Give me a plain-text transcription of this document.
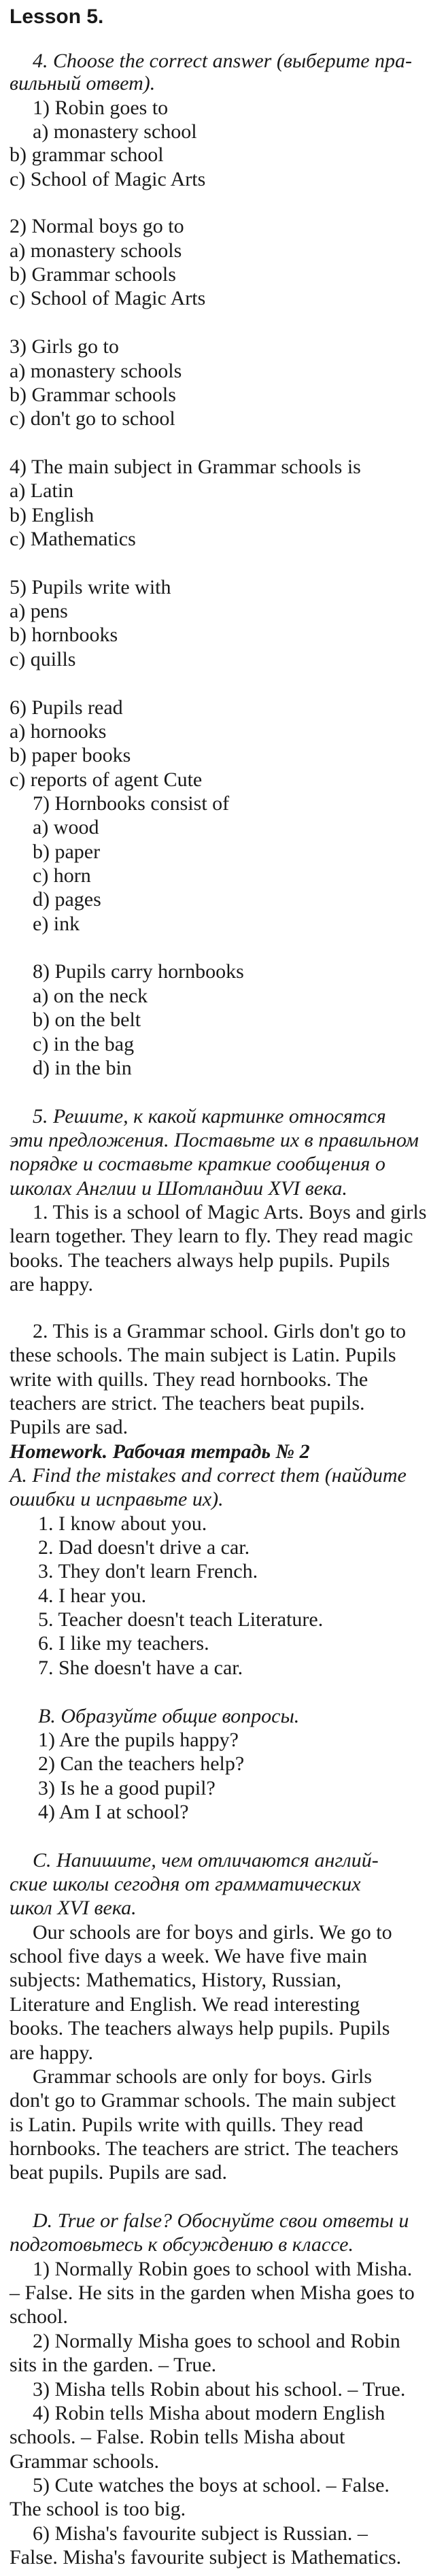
Lesson 5.
4. Choose the correct answer (выберите пра-
вильный ответ).
1) Robin goes to
a) monastery school
b) grammar school
c) School of Magic Arts
2) Normal boys go to
a) monastery schools
b) Grammar schools
c) School of Magic Arts
3) Girls go to
a) monastery schools
b) Grammar schools
c) don't go to school
4) The main subject in Grammar schools is
a) Latin
b) English
c) Mathematics
5) Pupils write with
a) pens
b) hornbooks
c) quills
6) Pupils read
a) hornooks
b) paper books
c) reports of agent Cute
7) Hornbooks consist of
a) wood
b) paper
c) horn
d) pages
e) ink
8) Pupils carry hornbooks
a) on the neck
b) on the belt
c) in the bag
d) in the bin
5. Решите, к какой картинке относятся
эти предложения. Поставьте их в правильном
порядке и составьте краткие сообщения о
школах Англии и Шотландии XVI века.
1. This is a school of Magic Arts. Boys and girls
learn together. They learn to fly. They read magic
books. The teachers always help pupils. Pupils
are happy.
2. This is a Grammar school. Girls don't go to
these schools. The main subject is Latin. Pupils
write with quills. They read hornbooks. The
teachers are strict. The teachers beat pupils.
Pupils are sad.
Homework. Рабочая тетрадь № 2
A. Find the mistakes and correct them (найдите
ошибки и исправьте их).
1. I know about you.
2. Dad doesn't drive a car.
3. They don't learn French.
4. I hear you.
5. Teacher doesn't teach Literature.
6. I like my teachers.
7. She doesn't have a car.
B. Образуйте общие вопросы.
1) Are the pupils happy?
2) Can the teachers help?
3) Is he a good pupil?
4) Am I at school?
C. Напишите, чем отличаются англий-
ские школы сегодня от грамматических
школ XVI века.
Our schools are for boys and girls. We go to
school five days a week. We have five main
subjects: Mathematics, History, Russian,
Literature and English. We read interesting
books. The teachers always help pupils. Pupils
are happy.
Grammar schools are only for boys. Girls
don't go to Grammar schools. The main subject
is Latin. Pupils write with quills. They read
hornbooks. The teachers are strict. The teachers
beat pupils. Pupils are sad.
D. True or false? Обоснуйте свои ответы и
подготовьтесь к обсуждению в классе.
1) Normally Robin goes to school with Misha.
– False. He sits in the garden when Misha goes to
school.
2) Normally Misha goes to school and Robin
sits in the garden. – True.
3) Misha tells Robin about his school. – True.
4) Robin tells Misha about modern English
schools. – False. Robin tells Misha about
Grammar schools.
5) Cute watches the boys at school. – False.
The school is too big.
6) Misha's favourite subject is Russian. –
False. Misha's favourite subject is Mathematics.
